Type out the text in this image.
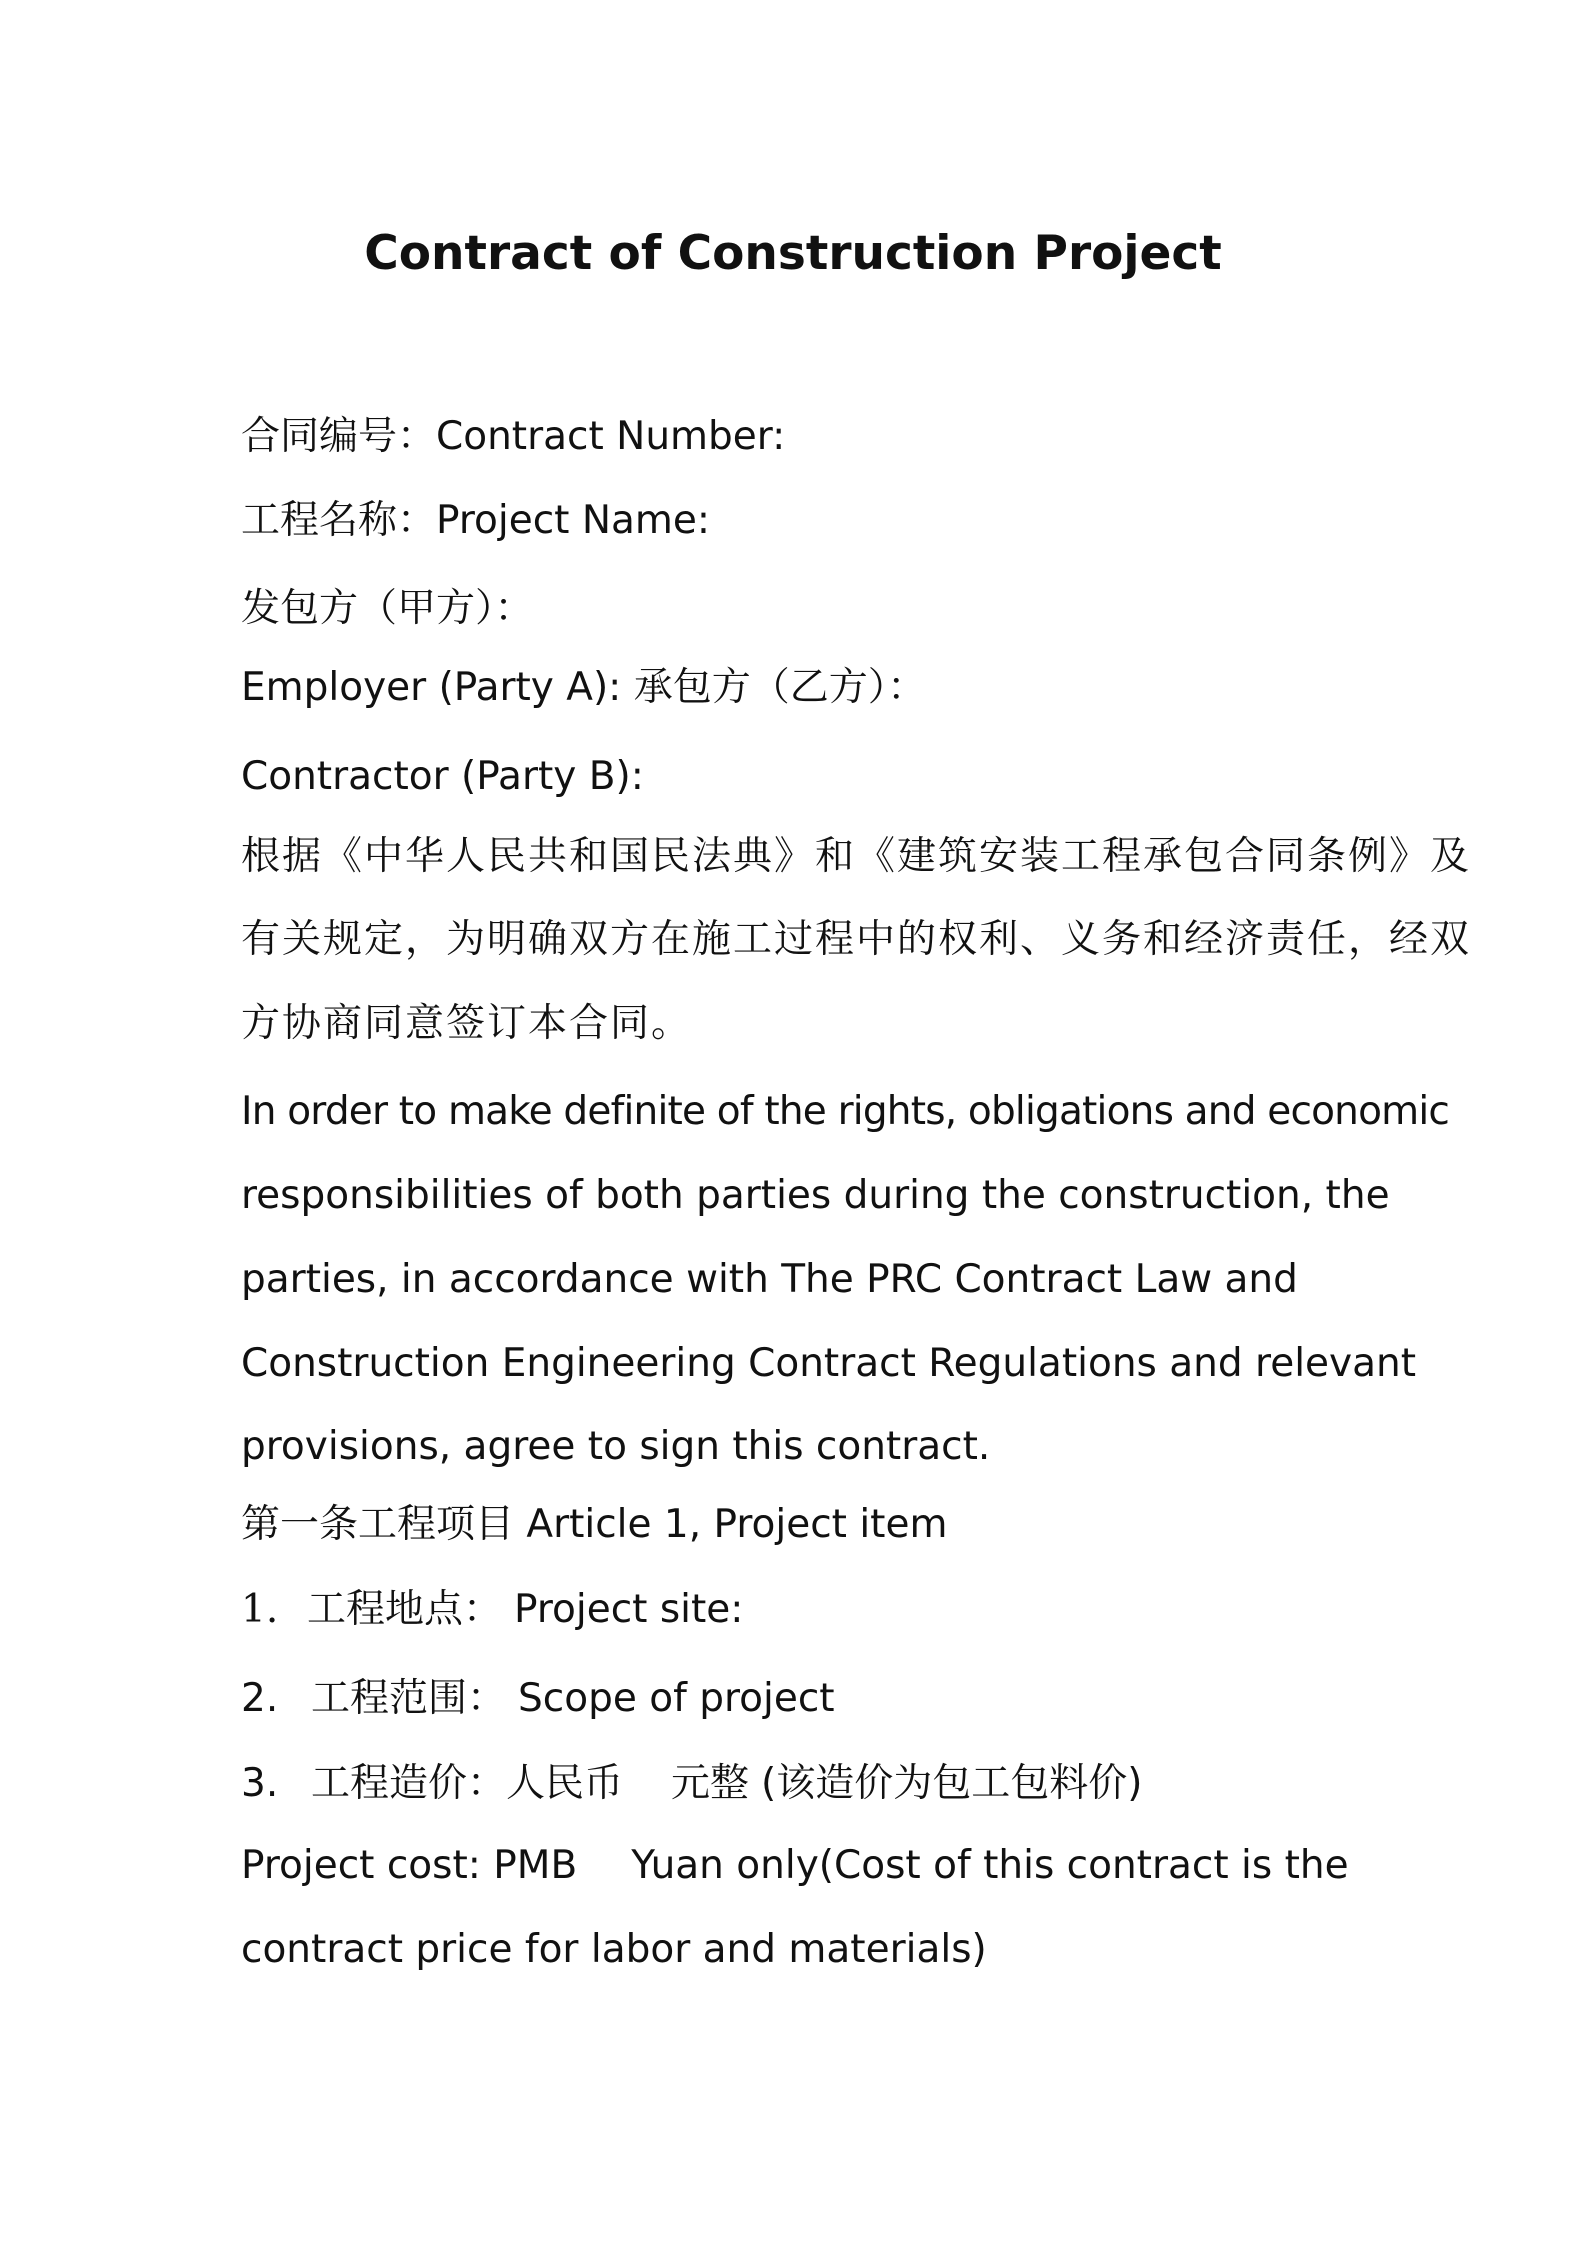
Contract of Construction Project
合同编号：Contract Number:
工程名称：Project Name:
发包方（甲方）：
Employer (Party A): 承包方（乙方）：
Contractor (Party B):
根据《中华人民共和国民法典》和《建筑安装工程承包合同条例》及
有关规定，为明确双方在施工过程中的权利、义务和经济责任，经双
方协商同意签订本合同。
In order to make definite of the rights, obligations and economic
responsibilities of both parties during the construction, the
parties, in accordance with The PRC Contract Law and
Construction Engineering Contract Regulations and relevant
provisions, agree to sign this contract.
第一条工程项目 Article 1, Project item
1. 工程地点： Project site:
2. 工程范围： Scope of project
3. 工程造价：人民币 元整 (该造价为包工包料价)
Project cost: PMB Yuan only(Cost of this contract is the
contract price for labor and materials)
